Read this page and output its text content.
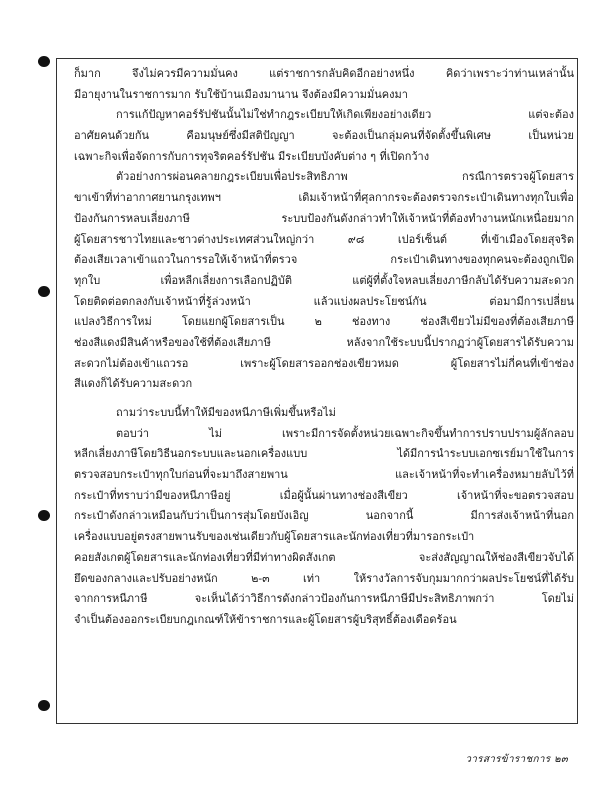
ก็มาก จึงไม่ควรมีความมั่นคง แต่ราชการกลับคิดอีกอย่างหนึ่ง คิดว่าเพราะว่าท่านเหล่านั้น
มีอายุงานในราชการมาก รับใช้บ้านเมืองมานาน จึงต้องมีความมั่นคงมา
การแก้ปัญหาคอร์รัปชันนั้นไม่ใช่ทำกฎระเบียบให้เกิดเพียงอย่างเดียว แต่จะต้อง
อาศัยคนด้วยกัน คือมนุษย์ซึ่งมีสติปัญญา จะต้องเป็นกลุ่มคนที่จัดตั้งขึ้นพิเศษ เป็นหน่วย
เฉพาะกิจเพื่อจัดการกับการทุจริตคอร์รัปชัน มีระเบียบบังคับต่าง ๆ ที่เปิดกว้าง
ตัวอย่างการผ่อนคลายกฎระเบียบเพื่อประสิทธิภาพ กรณีการตรวจผู้โดยสาร
ขาเข้าที่ท่าอากาศยานกรุงเทพฯ เดิมเจ้าหน้าที่ศุลกากรจะต้องตรวจกระเป๋าเดินทางทุกใบเพื่อ
ป้องกันการหลบเลี่ยงภาษี ระบบป้องกันดังกล่าวทำให้เจ้าหน้าที่ต้องทำงานหนักเหนื่อยมาก
ผู้โดยสารชาวไทยและชาวต่างประเทศส่วนใหญ่กว่า ๙๘ เปอร์เซ็นต์ ที่เข้าเมืองโดยสุจริต
ต้องเสียเวลาเข้าแถวในการรอให้เจ้าหน้าที่ตรวจ กระเป๋าเดินทางของทุกคนจะต้องถูกเปิด
ทุกใบ เพื่อหลีกเลี่ยงการเลือกปฏิบัติ แต่ผู้ที่ตั้งใจหลบเลี่ยงภาษีกลับได้รับความสะดวก
โดยติดต่อตกลงกับเจ้าหน้าที่รู้ล่วงหน้า แล้วแบ่งผลประโยชน์กัน ต่อมามีการเปลี่ยน
แปลงวิธีการใหม่ โดยแยกผู้โดยสารเป็น ๒ ช่องทาง ช่องสีเขียวไม่มีของที่ต้องเสียภาษี
ช่องสีแดงมีสินค้าหรือของใช้ที่ต้องเสียภาษี หลังจากใช้ระบบนี้ปรากฏว่าผู้โดยสารได้รับความ
สะดวกไม่ต้องเข้าแถวรอ เพราะผู้โดยสารออกช่องเขียวหมด ผู้โดยสารไม่กี่คนที่เข้าช่อง
สีแดงก็ได้รับความสะดวก
ถามว่าระบบนี้ทำให้มีของหนีภาษีเพิ่มขึ้นหรือไม่
ตอบว่า ไม่ เพราะมีการจัดตั้งหน่วยเฉพาะกิจขึ้นทำการปราบปรามผู้ลักลอบ
หลีกเลี่ยงภาษีโดยวิธีนอกระบบและนอกเครื่องแบบ ได้มีการนำระบบเอกซเรย์มาใช้ในการ
ตรวจสอบกระเป๋าทุกใบก่อนที่จะมาถึงสายพาน และเจ้าหน้าที่จะทำเครื่องหมายลับไว้ที่
กระเป๋าที่ทราบว่ามีของหนีภาษีอยู่ เมื่อผู้นั้นผ่านทางช่องสีเขียว เจ้าหน้าที่จะขอตรวจสอบ
กระเป๋าดังกล่าวเหมือนกับว่าเป็นการสุ่มโดยบังเอิญ นอกจากนี้ มีการส่งเจ้าหน้าที่นอก
เครื่องแบบอยู่ตรงสายพานรับของเช่นเดียวกับผู้โดยสารและนักท่องเที่ยวที่มารอกระเป๋า
คอยสังเกตผู้โดยสารและนักท่องเที่ยวที่มีท่าทางผิดสังเกต จะส่งสัญญาณให้ช่องสีเขียวจับได้
ยึดของกลางและปรับอย่างหนัก ๒-๓ เท่า ให้รางวัลการจับกุมมากกว่าผลประโยชน์ที่ได้รับ
จากการหนีภาษี จะเห็นได้ว่าวิธีการดังกล่าวป้องกันการหนีภาษีมีประสิทธิภาพกว่า โดยไม่
จำเป็นต้องออกระเบียบกฎเกณฑ์ให้ข้าราชการและผู้โดยสารผู้บริสุทธิ์ต้องเดือดร้อน
วารสารข้าราชการ ๒๓
